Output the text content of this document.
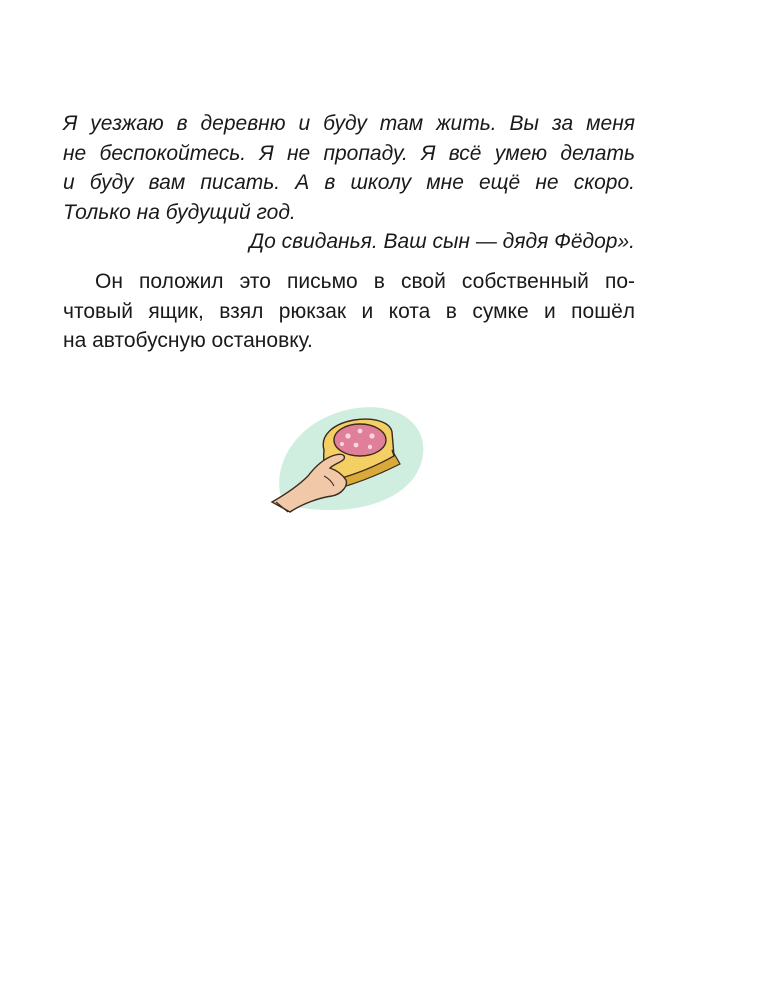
Я уезжаю в деревню и буду там жить. Вы за меня
не беспокойтесь. Я не пропаду. Я всё умею делать
и буду вам писать. А в школу мне ещё не скоро.
Только на будущий год.
До свиданья. Ваш сын — дядя Фёдор».
Он положил это письмо в свой собственный по-
чтовый ящик, взял рюкзак и кота в сумке и пошёл
на автобусную остановку.
